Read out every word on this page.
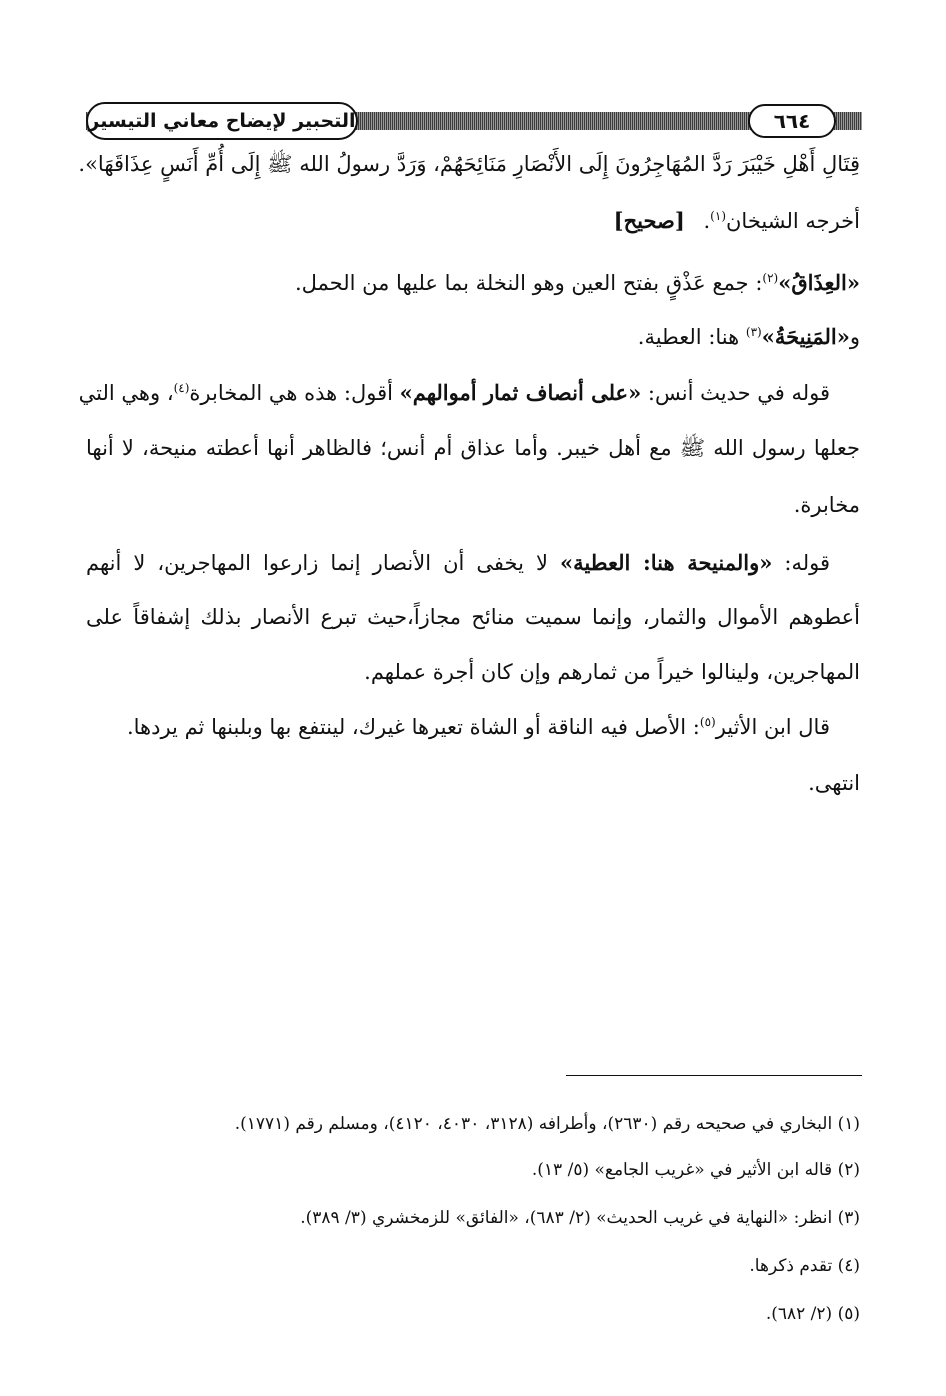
التحبير لإيضاح معاني التيسير	٦٦٤
قِتَالِ أَهْلِ خَيْبَرَ رَدَّ المُهَاجِرُونَ إِلَى الأَنْصَارِ مَنَائِحَهُمْ، وَرَدَّ رسولُ الله ﷺ إِلَى أُمِّ أَنَسٍ عِذَاقَهَا».
أخرجه الشيخان$^{(١)}$. [صحيح]
«العِذَاقُ»$^{(٢)}$: جمع عَذْقٍ بفتح العين وهو النخلة بما عليها من الحمل.
و«المَنِيحَةُ»$^{(٣)}$ هنا: العطية.
قوله في حديث أنس: «على أنصاف ثمار أموالهم» أقول: هذه هي المخابرة$^{(٤)}$، وهي التي
جعلها رسول الله ﷺ مع أهل خيبر. وأما عذاق أم أنس؛ فالظاهر أنها أعطته منيحة، لا أنها
مخابرة.
قوله: «والمنيحة هنا: العطية» لا يخفى أن الأنصار إنما زارعوا المهاجرين، لا أنهم
أعطوهم الأموال والثمار، وإنما سميت منائح مجازاً،حيث تبرع الأنصار بذلك إشفاقاً على
المهاجرين، ولينالوا خيراً من ثمارهم وإن كان أجرة عملهم.
قال ابن الأثير$^{(٥)}$: الأصل فيه الناقة أو الشاة تعيرها غيرك، لينتفع بها وبلبنها ثم يردها.
انتهى.
(١) البخاري في صحيحه رقم (٢٦٣٠)، وأطرافه (٣١٢٨، ٤٠٣٠، ٤١٢٠)، ومسلم رقم (١٧٧١).
(٢) قاله ابن الأثير في «غريب الجامع» (٥/ ١٣).
(٣) انظر: «النهاية في غريب الحديث» (٢/ ٦٨٣)، «الفائق» للزمخشري (٣/ ٣٨٩).
(٤) تقدم ذكرها.
(٥) (٢/ ٦٨٢).
